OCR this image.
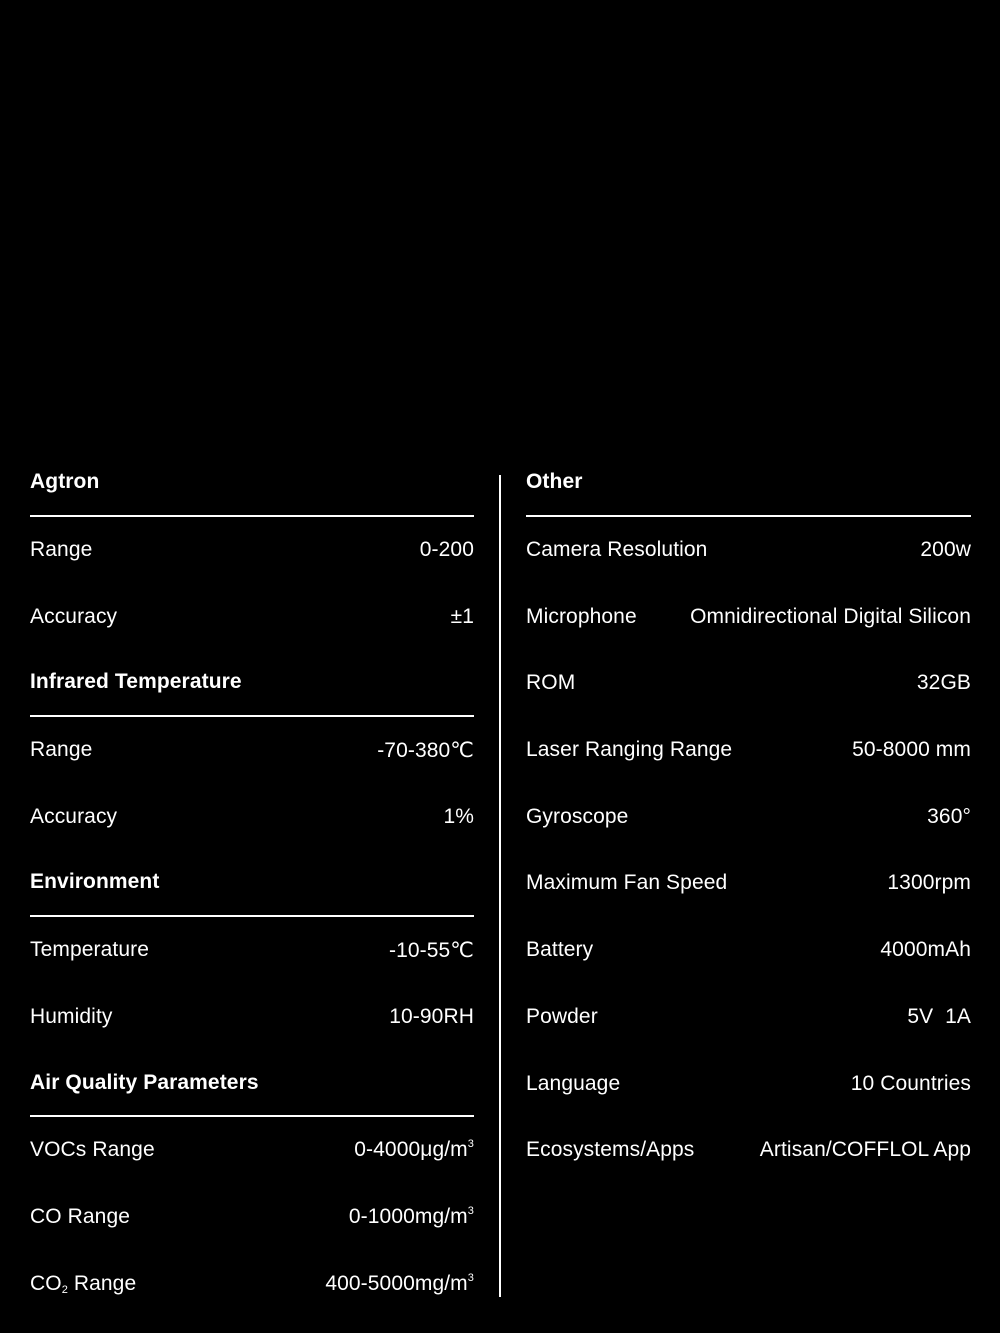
Agtron
Range	0-200
Accuracy	±1
Infrared Temperature
Range	-70-380℃
Accuracy	1%
Environment
Temperature	-10-55℃
Humidity	10-90RH
Air Quality Parameters
VOCs Range	$0-4000\mu g/m^3$
CO Range	$0-1000mg/m^3$
$CO_2$ Range	$400-5000mg/m^3$
Other
Camera Resolution	200w
Microphone	Omnidirectional Digital Silicon
ROM	32GB
Laser Ranging Range	50-8000 mm
Gyroscope	360°
Maximum Fan Speed	1300rpm
Battery	4000mAh
Powder	5V  1A
Language	10 Countries
Ecosystems/Apps	Artisan/COFFLOL App
